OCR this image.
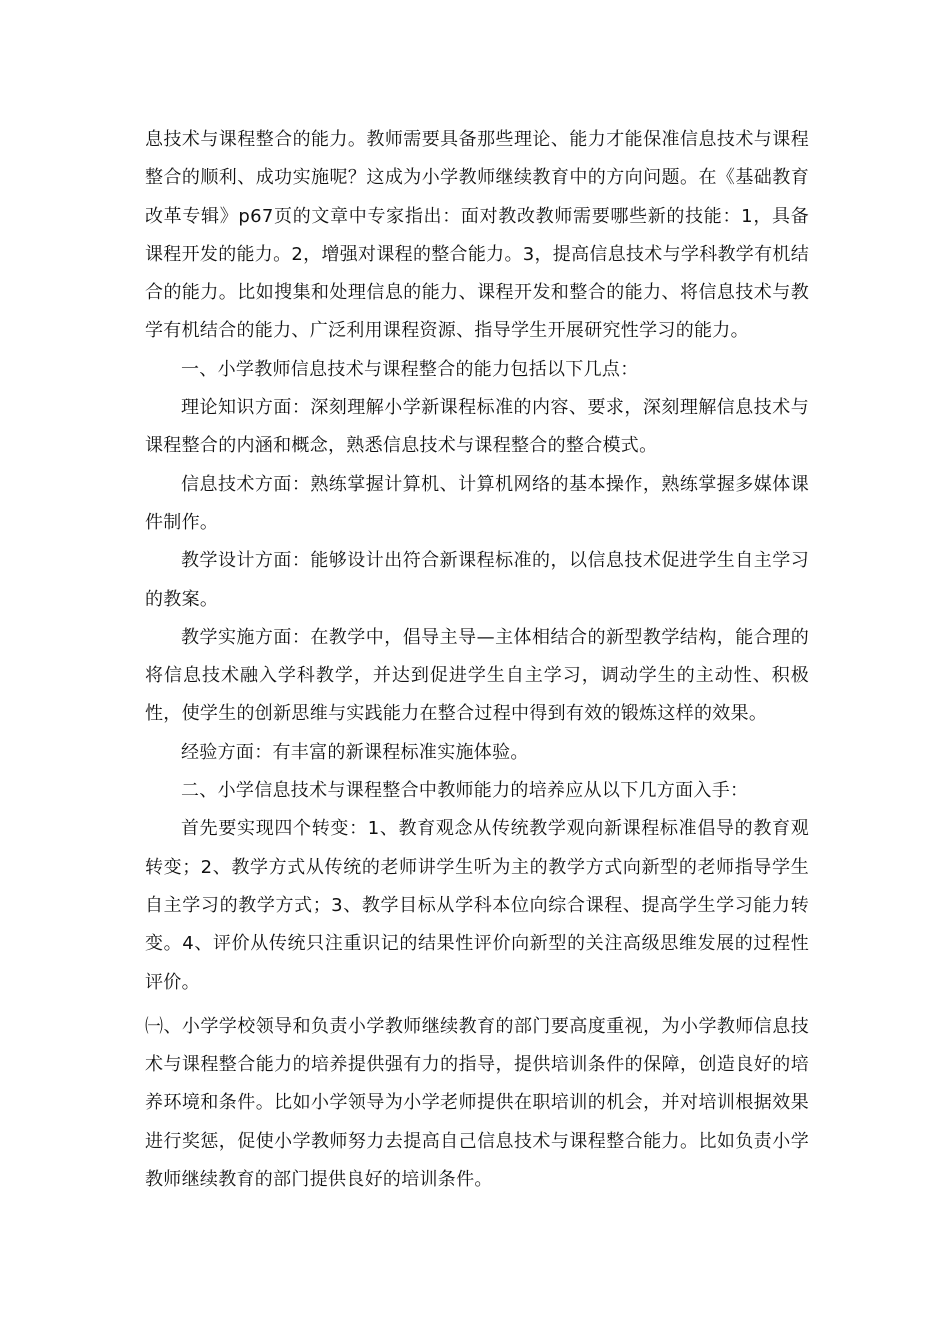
息技术与课程整合的能力。教师需要具备那些理论、能力才能保准信息技术与课程整合的顺利、成功实施呢？这成为小学教师继续教育中的方向问题。在《基础教育改革专辑》p67页的文章中专家指出：面对教改教师需要哪些新的技能：1，具备课程开发的能力。2，增强对课程的整合能力。3，提高信息技术与学科教学有机结合的能力。比如搜集和处理信息的能力、课程开发和整合的能力、将信息技术与教学有机结合的能力、广泛利用课程资源、指导学生开展研究性学习的能力。

一、小学教师信息技术与课程整合的能力包括以下几点：

理论知识方面：深刻理解小学新课程标准的内容、要求，深刻理解信息技术与课程整合的内涵和概念，熟悉信息技术与课程整合的整合模式。

信息技术方面：熟练掌握计算机、计算机网络的基本操作，熟练掌握多媒体课件制作。

教学设计方面：能够设计出符合新课程标准的，以信息技术促进学生自主学习的教案。

教学实施方面：在教学中，倡导主导—主体相结合的新型教学结构，能合理的将信息技术融入学科教学，并达到促进学生自主学习，调动学生的主动性、积极性，使学生的创新思维与实践能力在整合过程中得到有效的锻炼这样的效果。

经验方面：有丰富的新课程标准实施体验。

二、小学信息技术与课程整合中教师能力的培养应从以下几方面入手：

首先要实现四个转变：1、教育观念从传统教学观向新课程标准倡导的教育观转变；2、教学方式从传统的老师讲学生听为主的教学方式向新型的老师指导学生自主学习的教学方式；3、教学目标从学科本位向综合课程、提高学生学习能力转变。4、评价从传统只注重识记的结果性评价向新型的关注高级思维发展的过程性评价。

㈠、小学学校领导和负责小学教师继续教育的部门要高度重视，为小学教师信息技术与课程整合能力的培养提供强有力的指导，提供培训条件的保障，创造良好的培养环境和条件。比如小学领导为小学老师提供在职培训的机会，并对培训根据效果进行奖惩，促使小学教师努力去提高自己信息技术与课程整合能力。比如负责小学教师继续教育的部门提供良好的培训条件。
